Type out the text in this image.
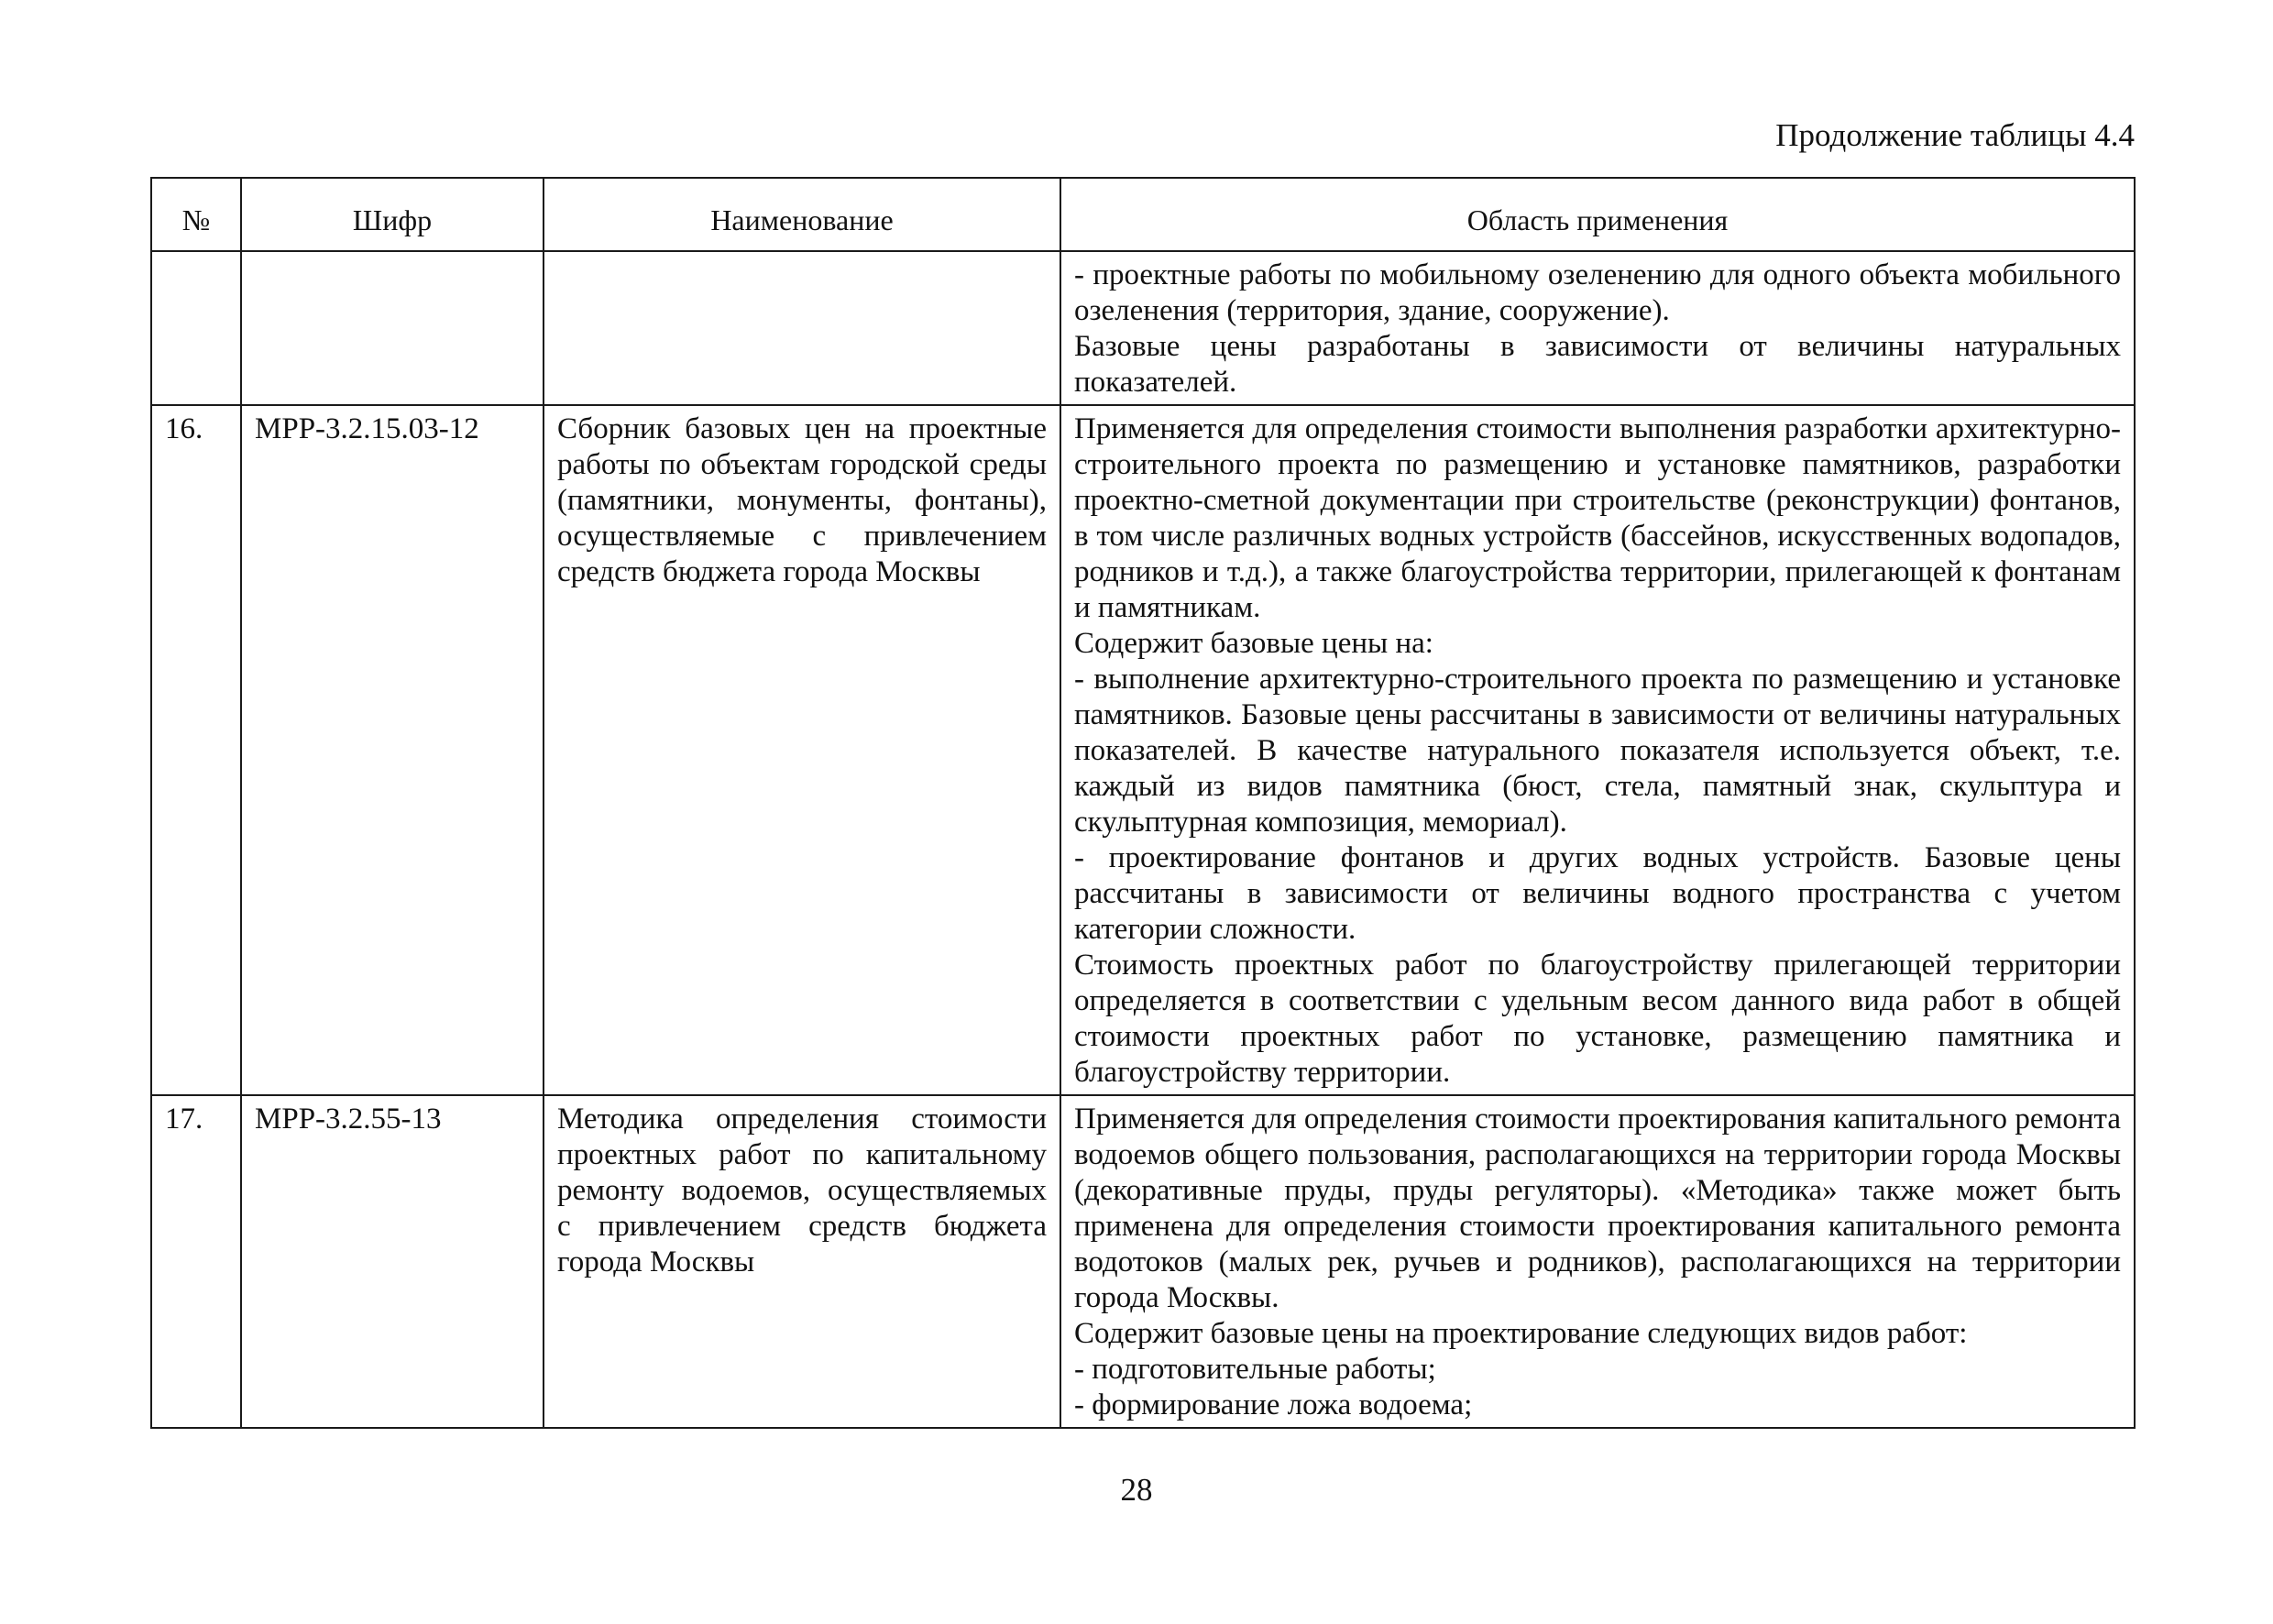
Продолжение таблицы 4.4
№	Шифр	Наименование	Область применения

			- проектные работы по мобильному озеленению для одного объекта мобильного озеленения (территория, здание, сооружение).

Базовые цены разработаны в зависимости от величины натуральных показателей.

16.	МРР-3.2.15.03-12	Сборник базовых цен на проектные работы по объектам городской среды (памятники, монументы, фонтаны), осуществляемые с привлечением средств бюджета города Москвы	Применяется для определения стоимости выполнения разработки архитектурно-строительного проекта по размещению и установке памятников, разработки проектно-сметной документации при строительстве (реконструкции) фонтанов, в том числе различных водных устройств (бассейнов, искусственных водопадов, родников и т.д.), а также благоустройства территории, прилегающей к фонтанам и памятникам.

Содержит базовые цены на:

- выполнение архитектурно-строительного проекта по размещению и установке памятников. Базовые цены рассчитаны в зависимости от величины натуральных показателей. В качестве натурального показателя используется объект, т.е. каждый из видов памятника (бюст, стела, памятный знак, скульптура и скульптурная композиция, мемориал).

- проектирование фонтанов и других водных устройств. Базовые цены рассчитаны в зависимости от величины водного пространства с учетом категории сложности.

Стоимость проектных работ по благоустройству прилегающей территории определяется в соответствии с удельным весом данного вида работ в общей стоимости проектных работ по установке, размещению памятника и благоустройству территории.

17.	МРР-3.2.55-13	Методика определения стоимости проектных работ по капитальному ремонту водоемов, осуществляемых с привлечением средств бюджета города Москвы	Применяется для определения стоимости проектирования капитального ремонта водоемов общего пользования, располагающихся на территории города Москвы (декоративные пруды, пруды регуляторы). «Методика» также может быть применена для определения стоимости проектирования капитального ремонта водотоков (малых рек, ручьев и родников), располагающихся на территории города Москвы.

Содержит базовые цены на проектирование следующих видов работ:

- подготовительные работы;

- формирование ложа водоема;

28
